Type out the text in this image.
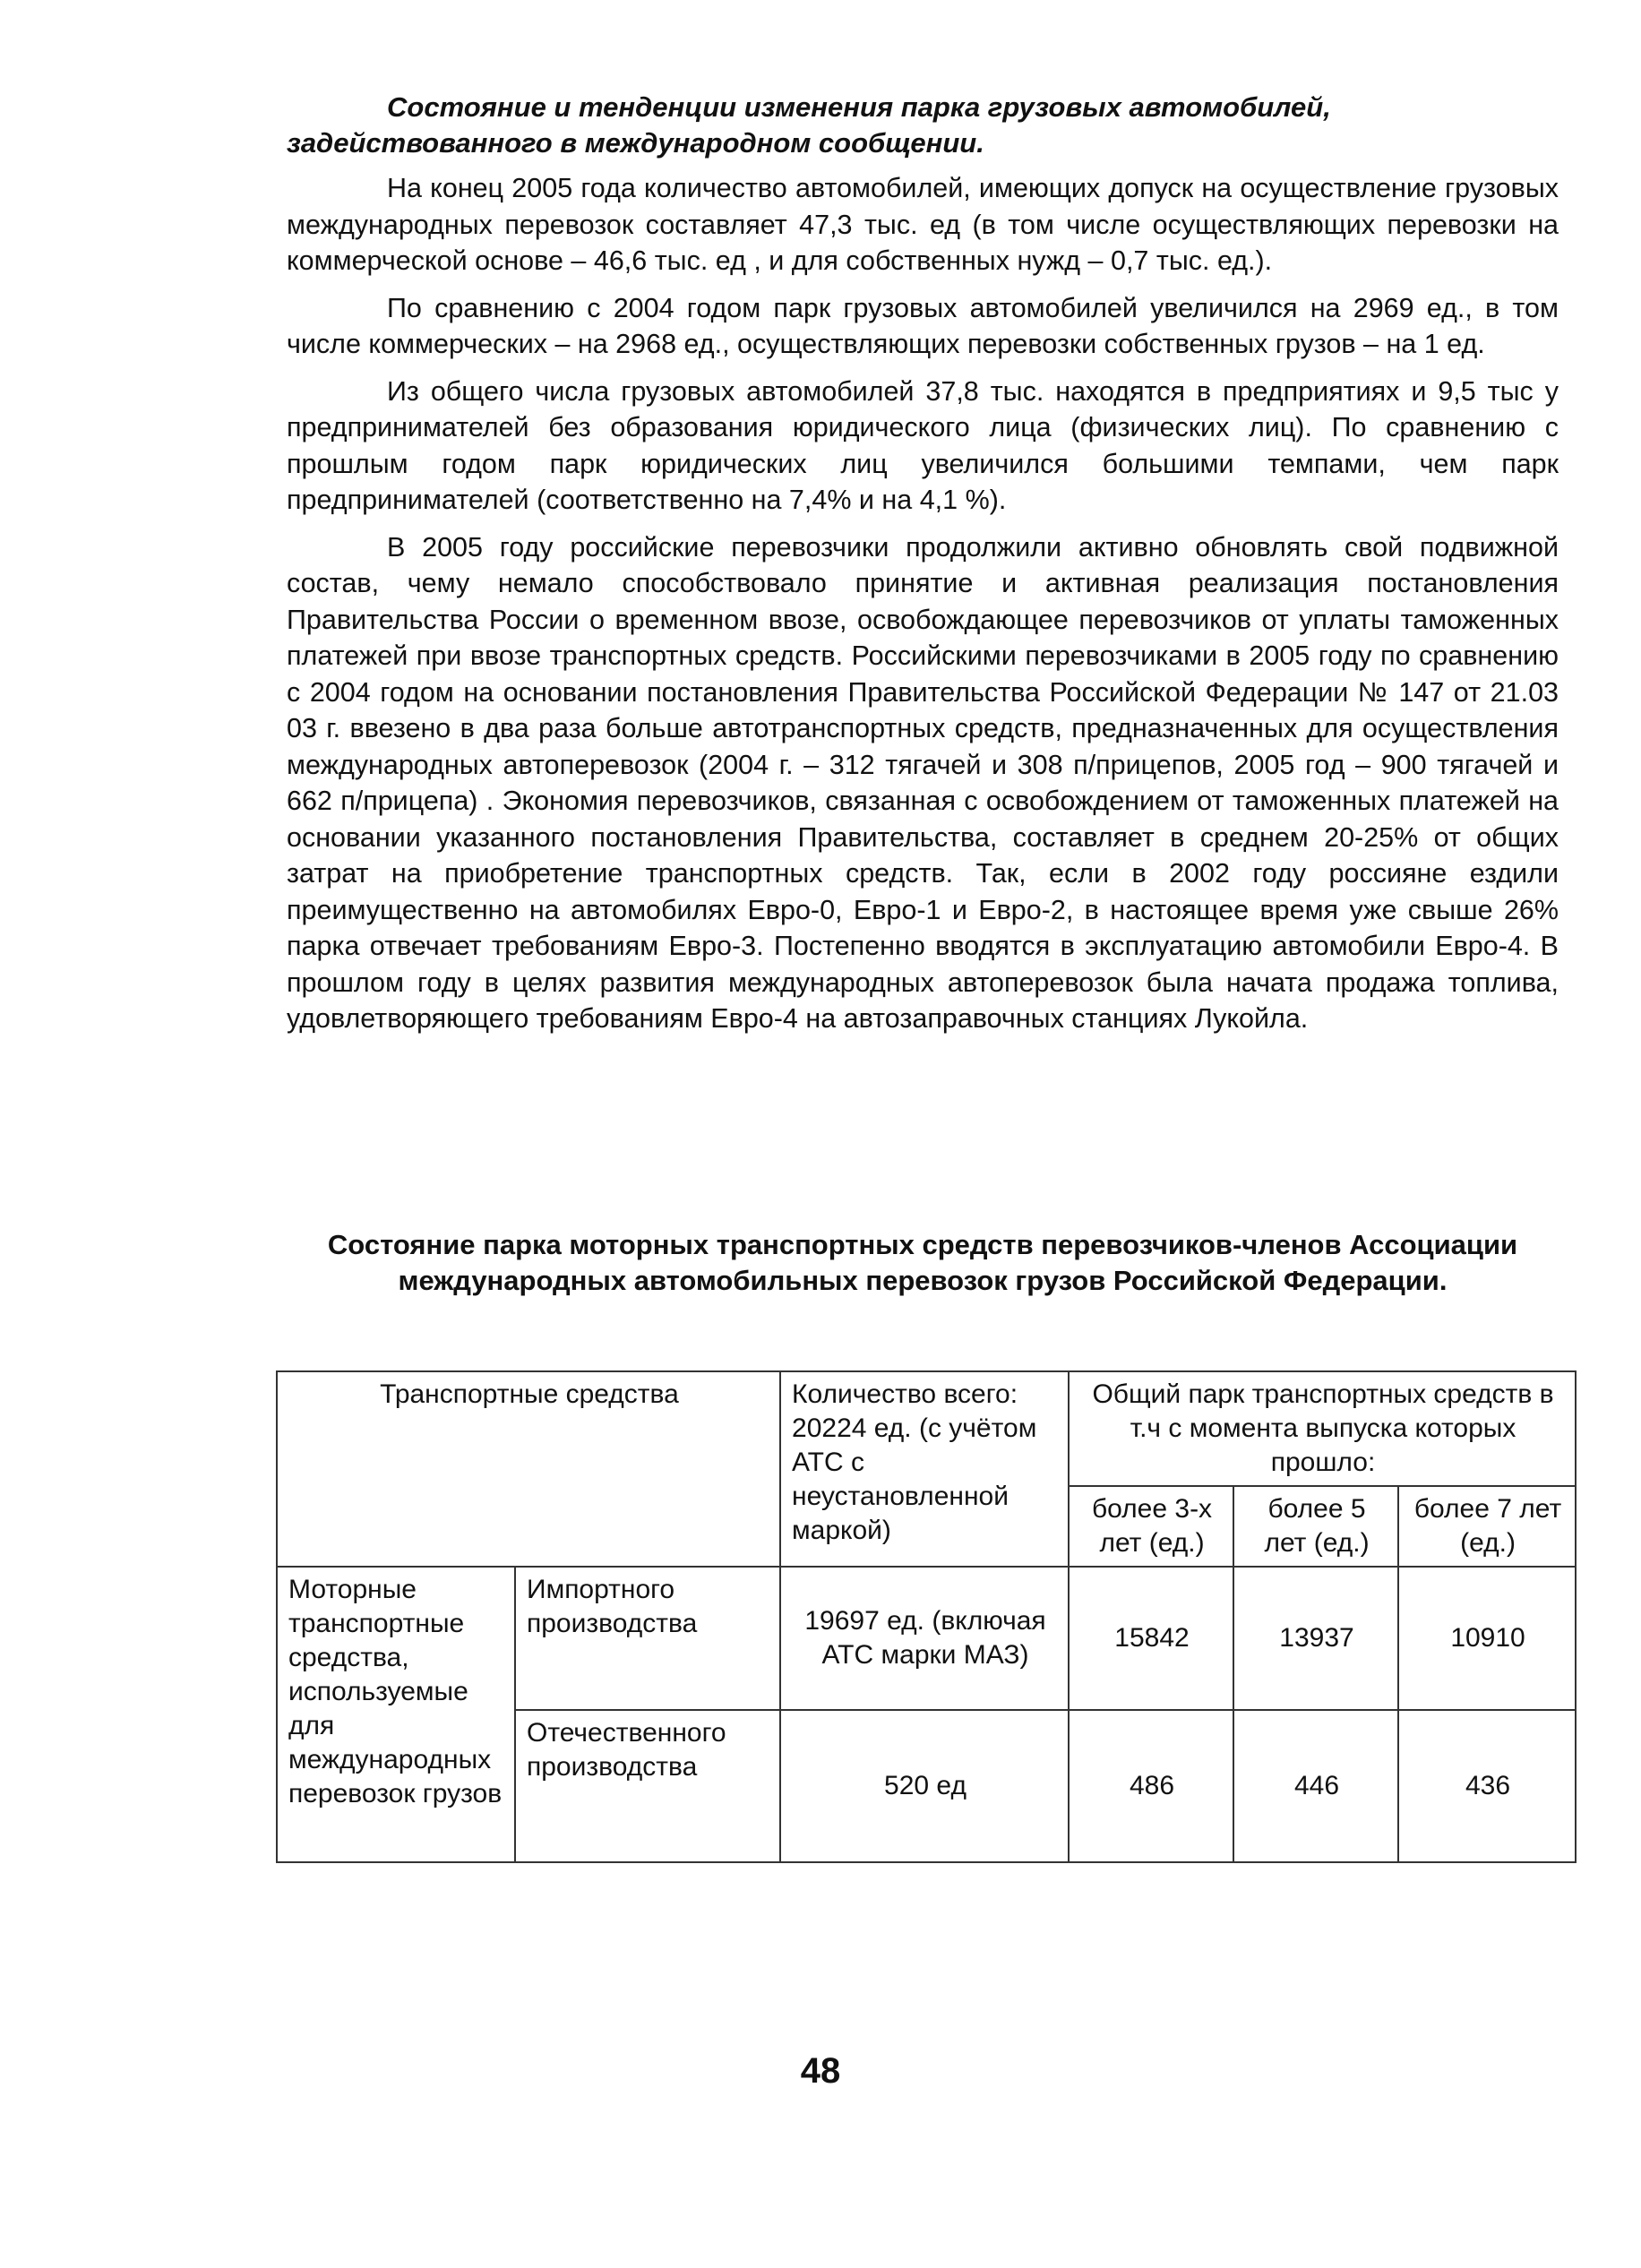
Состояние и тенденции изменения парка грузовых автомобилей, задействованного в международном сообщении.

На конец 2005 года количество автомобилей, имеющих допуск на осуществление грузовых международных перевозок составляет 47,3 тыс. ед (в том числе осуществляющих перевозки на коммерческой основе – 46,6 тыс. ед , и для собственных нужд – 0,7 тыс. ед.).

По сравнению с 2004 годом парк грузовых автомобилей увеличился на 2969 ед., в том числе коммерческих – на 2968 ед., осуществляющих перевозки собственных грузов – на 1 ед.

Из общего числа грузовых автомобилей 37,8 тыс. находятся в предприятиях и 9,5 тыс у предпринимателей без образования юридического лица (физических лиц). По сравнению с прошлым годом парк юридических лиц увеличился большими темпами, чем парк предпринимателей (соответственно на 7,4% и на 4,1 %).

В 2005 году российские перевозчики продолжили активно обновлять свой подвижной состав, чему немало способствовало принятие и активная реализация постановления Правительства России о временном ввозе, освобождающее перевозчиков от уплаты таможенных платежей при ввозе транспортных средств. Российскими перевозчиками в 2005 году по сравнению с 2004 годом на основании постановления Правительства Российской Федерации № 147 от 21.03 03 г. ввезено в два раза больше автотранспортных средств, предназначенных для осуществления международных автоперевозок (2004 г. – 312 тягачей и 308 п/прицепов, 2005 год – 900 тягачей и 662 п/прицепа) . Экономия перевозчиков, связанная с освобождением от таможенных платежей на основании указанного постановления Правительства, составляет в среднем 20-25% от общих затрат на приобретение транспортных средств. Так, если в 2002 году россияне ездили преимущественно на автомобилях Евро-0, Евро-1 и Евро-2, в настоящее время уже свыше 26% парка отвечает требованиям Евро-3. Постепенно вводятся в эксплуатацию автомобили Евро-4. В прошлом году в целях развития международных автоперевозок была начата продажа топлива, удовлетворяющего требованиям Евро-4 на автозаправочных станциях Лукойла.

Состояние парка моторных транспортных средств перевозчиков-членов Ассоциации международных автомобильных перевозок грузов Российской Федерации.
Транспортные средства		Количество всего: 20224 ед. (с учётом АТС с неустановленной маркой)	Общий парк транспортных средств в т.ч с момента выпуска которых прошло:		
			более 3-х лет (ед.)	более 5 лет (ед.)	более 7 лет (ед.)
Моторные транспортные средства, используемые для международных перевозок грузов	Импортного производства	19697 ед. (включая АТС марки МАЗ)	15842	13937	10910
	Отечественного производства	520 ед	486	446	436
48
